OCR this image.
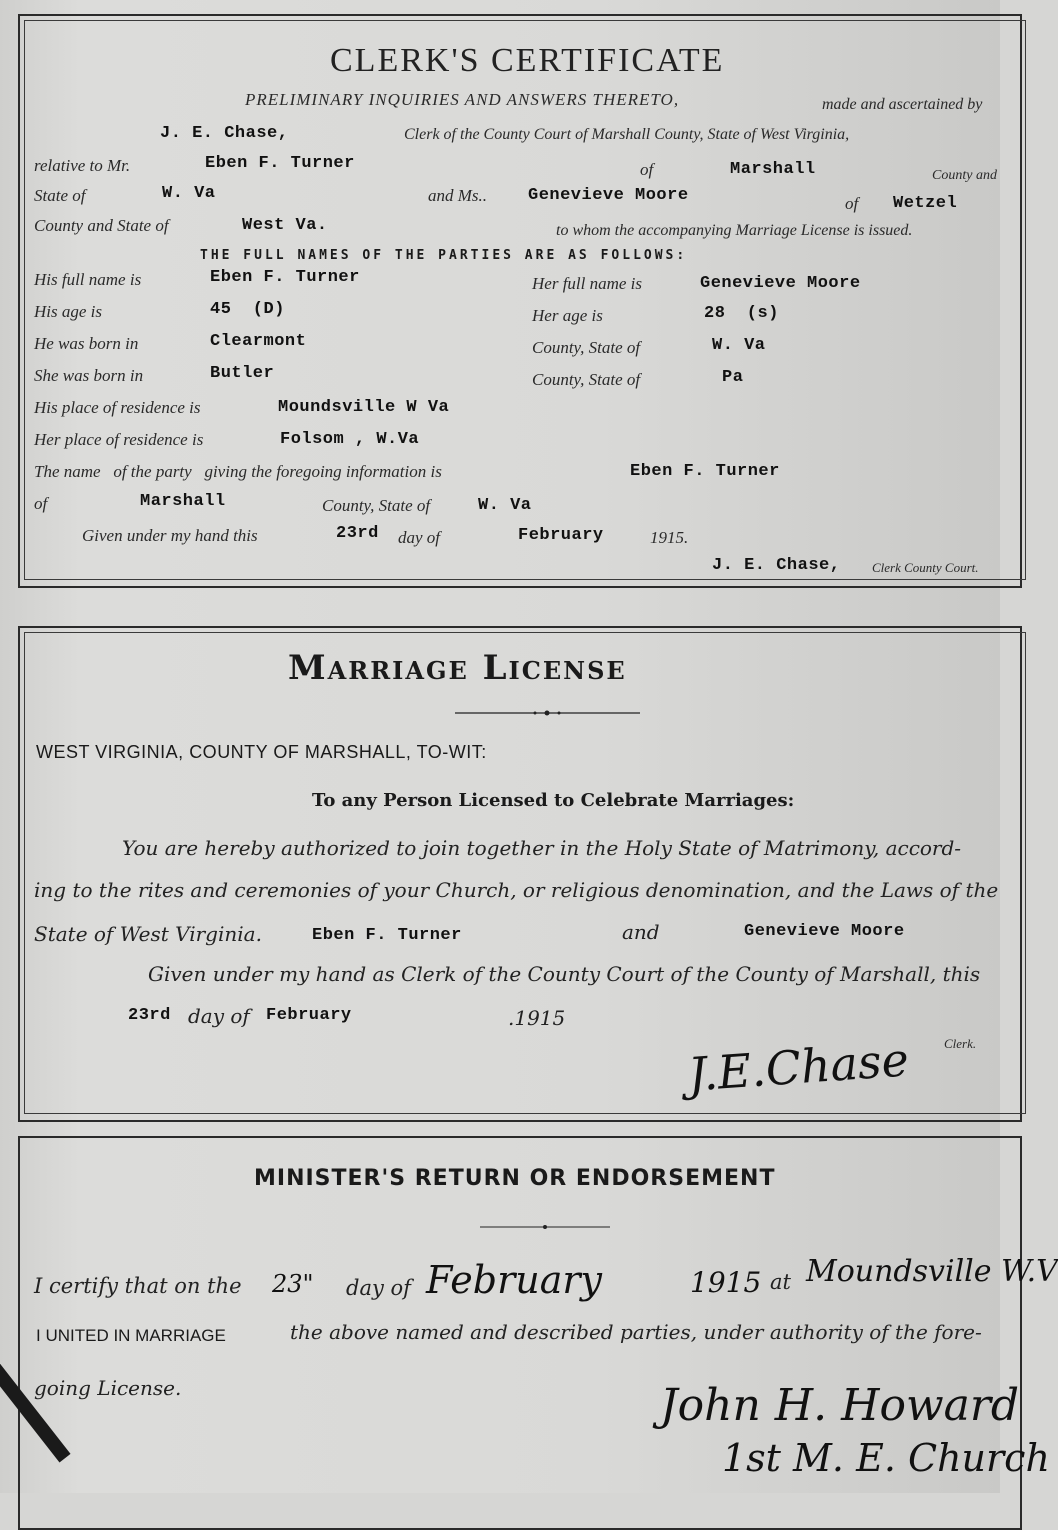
CLERK'S CERTIFICATE
PRELIMINARY INQUIRIES AND ANSWERS THERETO,	made and ascertained by
J. E. Chase,	Clerk of the County Court of Marshall County, State of West Virginia,
relative to Mr.	Eben F. Turner	of	Marshall	County and
State of	W. Va	and Ms.. Genevieve Moore	of Wetzel
County and State of	West Va.	to whom the accompanying Marriage License is issued.
THE FULL NAMES OF THE PARTIES ARE AS FOLLOWS:
His full name is	Eben F. Turner	Her full name is	Genevieve Moore
His age is	45  (D)	Her age is	28  (s)
He was born in	Clearmont	County, State of	W. Va
She was born in	Butler	County, State of	Pa
His place of residence is	Moundsville W Va
Her place of residence is	Folsom , W.Va
The name   of the party   giving the foregoing information is	Eben F. Turner
of	Marshall	County, State of	W. Va
Given under my hand this	23rd day of	February	1915.
J. E. Chase, Clerk County Court.
Marriage License
WEST VIRGINIA, COUNTY OF MARSHALL, TO-WIT:
To any Person Licensed to Celebrate Marriages:
You are hereby authorized to join together in the Holy State of Matrimony, accord-
ing to the rites and ceremonies of your Church, or religious denomination, and the Laws of the
State of West Virginia.	Eben F. Turner	and	Genevieve Moore
Given under my hand as Clerk of the County Court of the County of Marshall, this
23rd day of February	.1915
J.E.Chase	Clerk.
MINISTER'S RETURN OR ENDORSEMENT
I certify that on the 23" day of February	1915 at Moundsville W.V
I UNITED IN MARRIAGE	the above named and described parties, under authority of the fore-
going License.	John H. Howard
1st M. E. Church
